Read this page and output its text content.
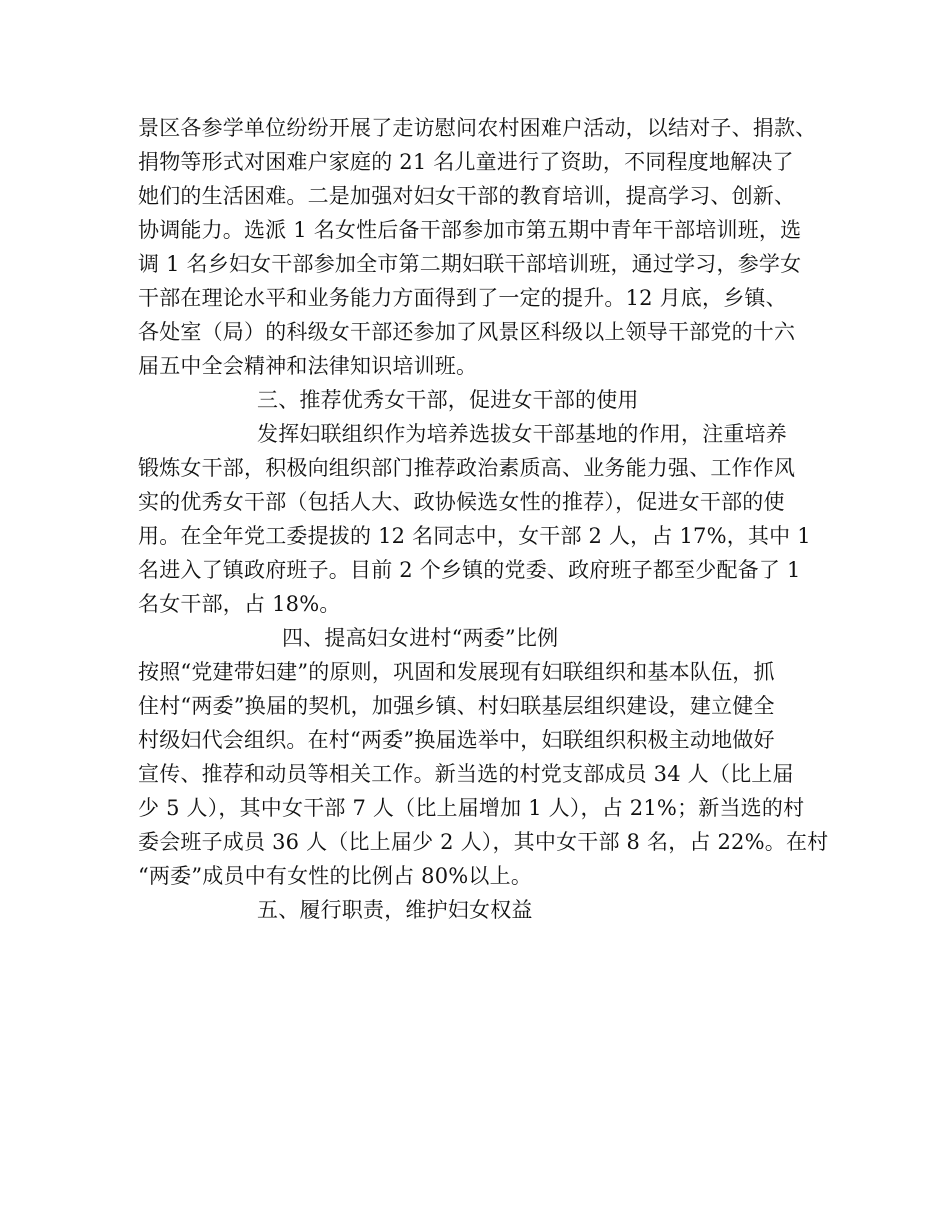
景区各参学单位纷纷开展了走访慰问农村困难户活动，以结对子、捐款、
捐物等形式对困难户家庭的 21 名儿童进行了资助，不同程度地解决了
她们的生活困难。二是加强对妇女干部的教育培训，提高学习、创新、
协调能力。选派 1 名女性后备干部参加市第五期中青年干部培训班，选
调 1 名乡妇女干部参加全市第二期妇联干部培训班，通过学习，参学女
干部在理论水平和业务能力方面得到了一定的提升。12 月底，乡镇、
各处室（局）的科级女干部还参加了风景区科级以上领导干部党的十六
届五中全会精神和法律知识培训班。
三、推荐优秀女干部，促进女干部的使用
发挥妇联组织作为培养选拔女干部基地的作用，注重培养
锻炼女干部，积极向组织部门推荐政治素质高、业务能力强、工作作风
实的优秀女干部（包括人大、政协候选女性的推荐），促进女干部的使
用。在全年党工委提拔的 12 名同志中，女干部 2 人，占 17%，其中 1
名进入了镇政府班子。目前 2 个乡镇的党委、政府班子都至少配备了 1
名女干部，占 18%。
四、提高妇女进村“两委”比例
按照“党建带妇建”的原则，巩固和发展现有妇联组织和基本队伍，抓
住村“两委”换届的契机，加强乡镇、村妇联基层组织建设，建立健全
村级妇代会组织。在村“两委”换届选举中，妇联组织积极主动地做好
宣传、推荐和动员等相关工作。新当选的村党支部成员 34 人（比上届
少 5 人），其中女干部 7 人（比上届增加 1 人），占 21%；新当选的村
委会班子成员 36 人（比上届少 2 人），其中女干部 8 名，占 22%。在村
“两委”成员中有女性的比例占 80%以上。
五、履行职责，维护妇女权益
